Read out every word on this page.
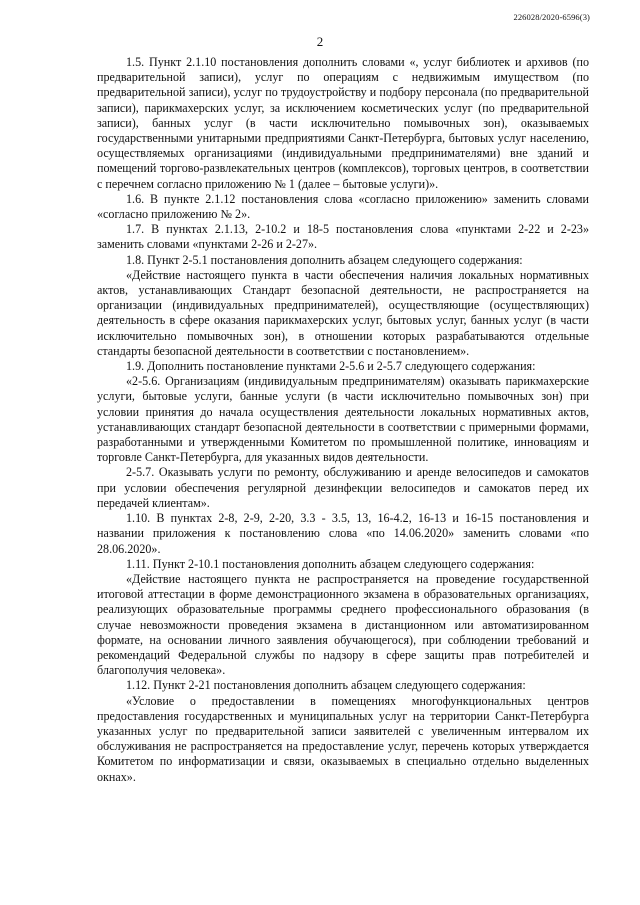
226028/2020-6596(3)
2

1.5. Пункт 2.1.10 постановления дополнить словами «, услуг библиотек и архивов (по предварительной записи), услуг по операциям с недвижимым имуществом (по предварительной записи), услуг по трудоустройству и подбору персонала (по предварительной записи), парикмахерских услуг, за исключением косметических услуг (по предварительной записи), банных услуг (в части исключительно помывочных зон), оказываемых государственными унитарными предприятиями Санкт-Петербурга, бытовых услуг населению, осуществляемых организациями (индивидуальными предпринимателями) вне зданий и помещений торгово-развлекательных центров (комплексов), торговых центров, в соответствии с перечнем согласно приложению № 1 (далее – бытовые услуги)».

1.6. В пункте 2.1.12 постановления слова «согласно приложению» заменить словами «согласно приложению № 2».

1.7. В пунктах 2.1.13, 2-10.2 и 18-5 постановления слова «пунктами 2-22 и 2-23» заменить словами «пунктами 2-26 и 2-27».

1.8. Пункт 2-5.1 постановления дополнить абзацем следующего содержания:

«Действие настоящего пункта в части обеспечения наличия локальных нормативных актов, устанавливающих Стандарт безопасной деятельности, не распространяется на организации (индивидуальных предпринимателей), осуществляющие (осуществляющих) деятельность в сфере оказания парикмахерских услуг, бытовых услуг, банных услуг (в части исключительно помывочных зон), в отношении которых разрабатываются отдельные стандарты безопасной деятельности в соответствии с постановлением».

1.9. Дополнить постановление пунктами 2-5.6 и 2-5.7 следующего содержания:

«2-5.6. Организациям (индивидуальным предпринимателям) оказывать парикмахерские услуги, бытовые услуги, банные услуги (в части исключительно помывочных зон) при условии принятия до начала осуществления деятельности локальных нормативных актов, устанавливающих стандарт безопасной деятельности в соответствии с примерными формами, разработанными и утвержденными Комитетом по промышленной политике, инновациям и торговле Санкт-Петербурга, для указанных видов деятельности.

2-5.7. Оказывать услуги по ремонту, обслуживанию и аренде велосипедов и самокатов при условии обеспечения регулярной дезинфекции велосипедов и самокатов перед их передачей клиентам».

1.10. В пунктах 2-8, 2-9, 2-20, 3.3 - 3.5, 13, 16-4.2, 16-13 и 16-15 постановления и названии приложения к постановлению слова «по 14.06.2020» заменить словами «по 28.06.2020».

1.11. Пункт 2-10.1 постановления дополнить абзацем следующего содержания:

«Действие настоящего пункта не распространяется на проведение государственной итоговой аттестации в форме демонстрационного экзамена в образовательных организациях, реализующих образовательные программы среднего профессионального образования (в случае невозможности проведения экзамена в дистанционном или автоматизированном формате, на основании личного заявления обучающегося), при соблюдении требований и рекомендаций Федеральной службы по надзору в сфере защиты прав потребителей и благополучия человека».

1.12. Пункт 2-21 постановления дополнить абзацем следующего содержания:

«Условие о предоставлении в помещениях многофункциональных центров предоставления государственных и муниципальных услуг на территории Санкт-Петербурга указанных услуг по предварительной записи заявителей с увеличенным интервалом их обслуживания не распространяется на предоставление услуг, перечень которых утверждается Комитетом по информатизации и связи, оказываемых в специально отдельно выделенных окнах».
